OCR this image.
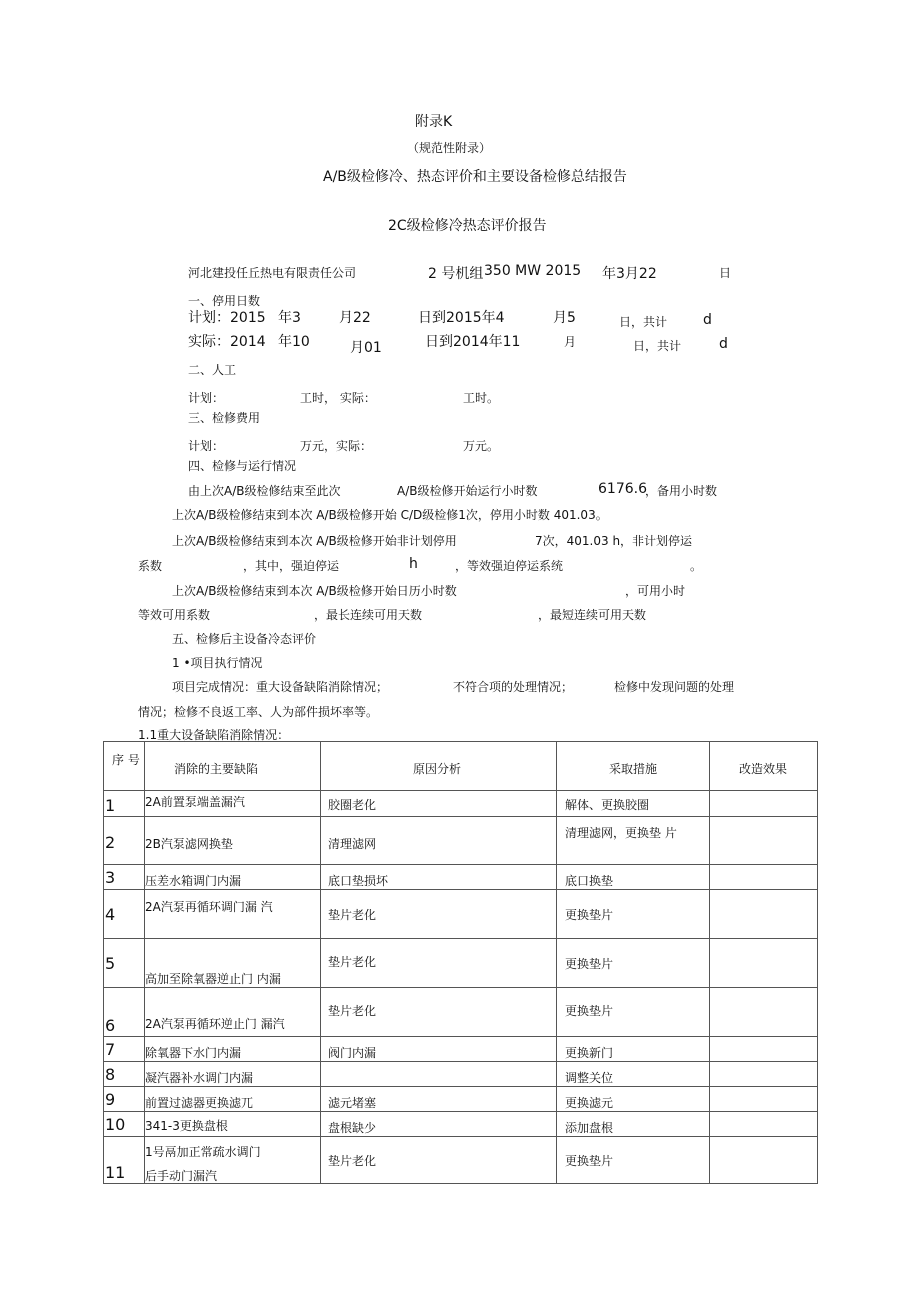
附录K
（规范性附录）
A/B级检修冷、热态评价和主要设备检修总结报告
2C级检修冷热态评价报告
河北建投任丘热电有限责任公司	2 号机组 350 MW 2015 年3月22	日
一、停用日数
计划：2015 年3	月22	日到2015年4	月5	日，共计	d
实际：2014 年10	月01	日到2014年11	月	日，共计	d
二、人工
计划：	工时， 实际：	工时。
三、检修费用
计划：	万元，实际：	万元。
四、检修与运行情况
由上次A/B级检修结束至此次	A/B级检修开始运行小时数	6176.6
，备用小时数
上次A/B级检修结束到本次 A/B级检修开始 C/D级检修1次，停用小时数 401.03。
上次A/B级检修结束到本次 A/B级检修开始非计划停用	7次，401.03 h，非计划停运
系数	，其中，强迫停运	h	，等效强迫停运系统	。
上次A/B级检修结束到本次 A/B级检修开始日历小时数	，可用小时
等效可用系数	，最长连续可用天数	，最短连续可用天数
五、检修后主设备冷态评价
1 •项目执行情况
项目完成情况：重大设备缺陷消除情况；	不符合项的处理情况；	检修中发现问题的处理
情况；检修不良返工率、人为部件损坏率等。
1.1重大设备缺陷消除情况：
序 号	消除的主要缺陷	原因分析	采取措施	改造效果

1	2A前置泵端盖漏汽	胶圈老化	解体、更换胶圈	

2	2B汽泵滤网换垫	清理滤网	清理滤网，更换垫 片	

3	压差水箱调门内漏	底口垫损坏	底口换垫	

4	2A汽泵再循环调门漏 汽	垫片老化	更换垫片	

5	高加至除氧器逆止门 内漏	垫片老化	更换垫片	

6	2A汽泵再循环逆止门 漏汽	垫片老化	更换垫片	

7	除氧器下水门内漏	阀门内漏	更换新门	

8	凝汽器补水调门内漏		调整关位	

9	前置过滤器更换滤兀	滤元堵塞	更换滤元	

10	341-3更换盘根	盘根缺少	添加盘根	

11	1号鬲加正常疏水调门
后手动门漏汽	垫片老化	更换垫片	
